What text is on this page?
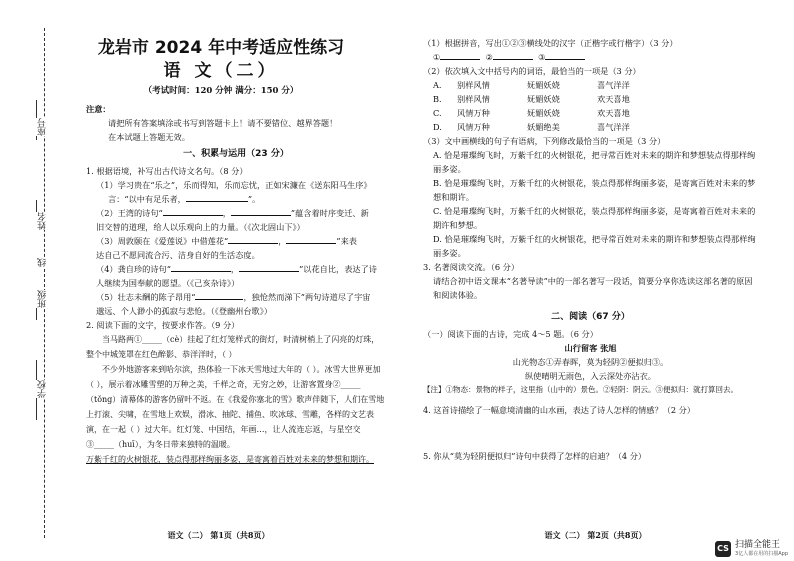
座号
姓名
线
班级
学校
龙岩市 2024 年中考适应性练习
语 文（二）
（考试时间：120 分钟 满分：150 分）
注意：
请把所有答案填涂或书写到答题卡上！请不要错位、越界答题！
在本试题上答题无效。
一、积累与运用（23 分）
1. 根据语境，补写出古代诗文名句。（8 分）
（1）学习贵在“乐之”，乐而得知，乐而忘忧，正如宋濂在《送东阳马生序》
言：“以中有足乐者，	”。
（2）王湾的诗句“	，	”蕴含着时序变迁、新
旧交替的道理，给人以乐观向上的力量。（《次北固山下》）
（3）周敦颐在《爱莲说》中借莲花“	，	”来表
达自己不愿同流合污、洁身自好的生活态度。
（4）龚自珍的诗句“	，	”以花自比，表达了诗
人继续为国奉献的愿望。（《己亥杂诗》）
（5）壮志未酬的陈子昂用“	，独怆然而涕下”两句诗道尽了宇宙
邈远、个人渺小的孤寂与悲怆。（《登幽州台歌》）
2. 阅读下面的文字，按要求作答。（9 分）
当马路两①_____（cè）挂起了红灯笼样式的街灯，时清树梢上了闪亮的灯珠，整个中城笼罩在红色醉影、恭洋洋时，（ ）
不少外地游客来到哈尔滨，热体验一下冰天雪地过大年的（ ）。冰雪大世界更加（ ），展示着冰雕雪塑的万种之美，千样之奇，无穷之妙，让游客置身②_____（tǒng）清幕体的游客仍留叶不返。在《我爱你塞北的雪》歌声伴随下，人们在雪地上打滚、尖啸，在雪地上欢娱，滑冰、抽陀、捕鱼、吹冰球、雪雕，各样的文艺表演，在一起（ ）过大年。红灯笼、中国结，年画…，让人流连忘返，与星空交③_____（huī），为冬日带来独特的温暖。
万紫千红的火树银花，装点得那样绚丽多姿，是寄寓着百姓对未来的梦想和期许。
语文（二） 第1页（共8页）
（1）根据拼音，写出①②③横线处的汉字（正楷字或行楷字）（3 分）
①	②	③
（2）依次填入文中括号内的词语，最恰当的一项是（3 分）
A.	别样风情	妩媚妖娆	喜气洋洋
B.	别样风情	妩媚妖娆	欢天喜地
C.	风情万种	妩媚妖娆	欢天喜地
D.	风情万种	妖媚绝美	喜气洋洋
（3）文中画横线的句子有语病，下列修改最恰当的一项是（3 分）
A. 恰是璀璨绚飞时，万紫千红的火树银花，把寻常百姓对未来的期许和梦想装点得那样绚丽多姿。
B. 恰是璀璨绚飞时，万紫千红的火树银花，装点得那样绚丽多姿，是寄寓百姓对未来的梦想和期许。
C. 恰是璀璨绚飞时，万紫千红的火树银花，装点得那样绚丽多姿，是寄寓着百姓对未来的期许和梦想。
D. 恰是璀璨绚飞时，万紫千红的火树银花，把寻常百姓对未来的期许和梦想装点得那样绚丽多姿。
3. 名著阅读交流。（6 分）
请结合初中语文课本“名著导读”中的一部名著写一段话，简要分享你选读这部名著的原因和阅读体验。
二、阅读（67 分）
（一）阅读下面的古诗，完成 4～5 题。（6 分）
山行留客 张旭
山光物态①弄春晖，莫为轻阴②便拟归③。
纵使晴明无雨色，入云深处亦沾衣。
【注】①物态：景物的样子，这里指（山中的）景色。②轻阴：阴云。③便拟归：就打算回去。
4. 这首诗描绘了一幅意境清幽的山水画，表达了诗人怎样的情感？（2 分）
5. 你从“莫为轻阴便拟归”诗句中获得了怎样的启迪？（4 分）
语文（二） 第2页（共8页）
CS 扫描全能王
3亿人都在用的扫描App
